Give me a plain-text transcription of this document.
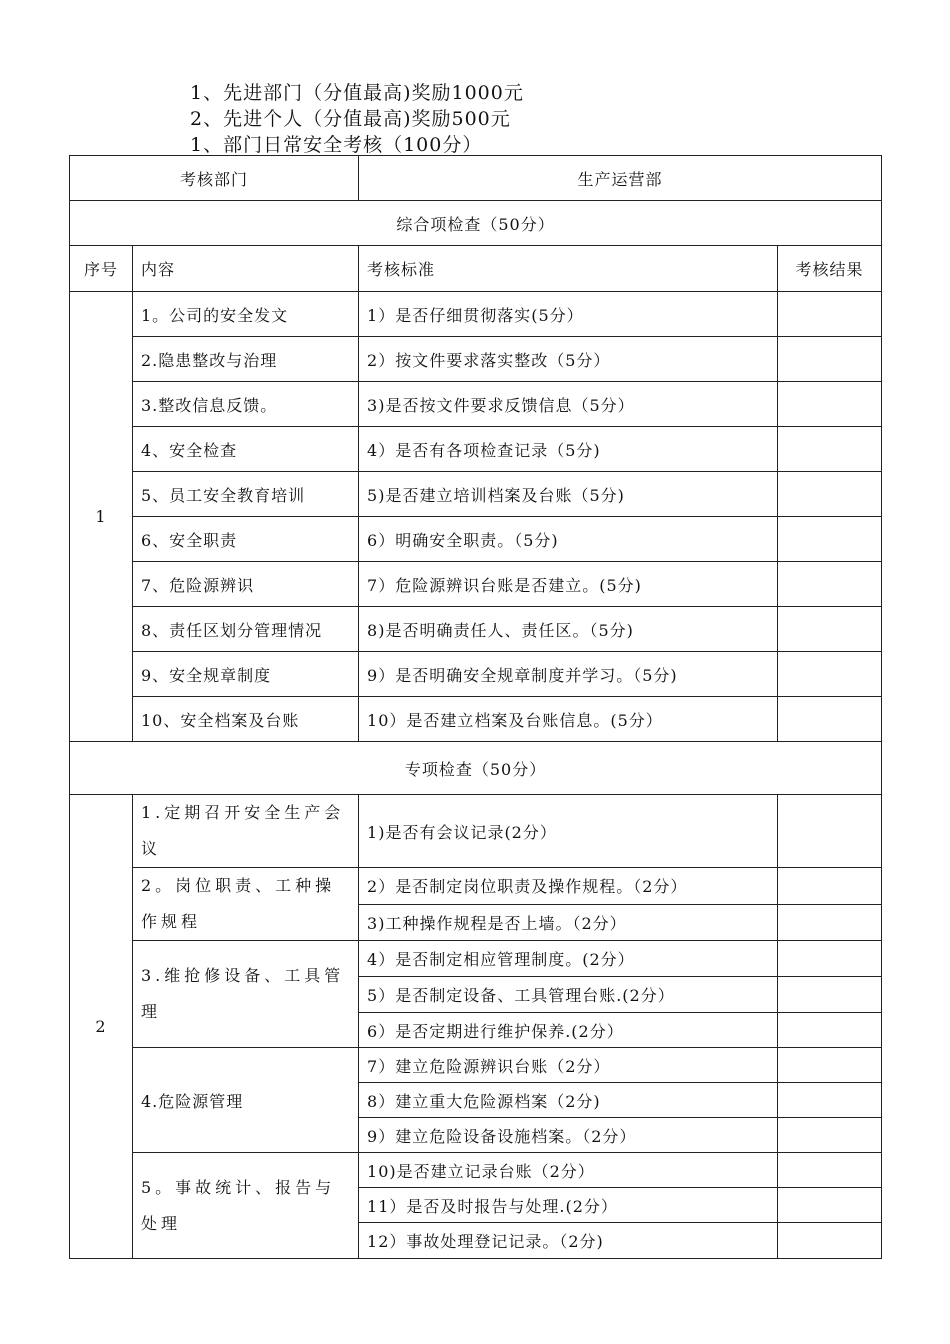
1、先进部门（分值最高)奖励1000元
2、先进个人（分值最高)奖励500元
1、部门日常安全考核（100分）
考核部门		生产运营部	
综合项检查（50分）			
序号	内容	考核标准	考核结果
1	1。公司的安全发文	1）是否仔细贯彻落实(5分）	
	2.隐患整改与治理	2）按文件要求落实整改（5分）	
	3.整改信息反馈。	3)是否按文件要求反馈信息（5分）	
	4、安全检查	4）是否有各项检查记录（5分)	
	5、员工安全教育培训	5)是否建立培训档案及台账（5分)	
	6、安全职责	6）明确安全职责。（5分)	
	7、危险源辨识	7）危险源辨识台账是否建立。(5分)	
	8、责任区划分管理情况	8)是否明确责任人、责任区。（5分)	
	9、安全规章制度	9）是否明确安全规章制度并学习。（5分)	
	10、安全档案及台账	10）是否建立档案及台账信息。(5分）	
专项检查（50分）			
2	1.定期召开安全生产会议	1)是否有会议记录(2分）	
	2。岗位职责、工种操作规程	2）是否制定岗位职责及操作规程。（2分）	
		3)工种操作规程是否上墙。（2分）	
	3.维抢修设备、工具管理	4）是否制定相应管理制度。(2分）	
		5）是否制定设备、工具管理台账.(2分）	
		6）是否定期进行维护保养.(2分）	
	4.危险源管理	7）建立危险源辨识台账（2分）	
		8）建立重大危险源档案（2分)	
		9）建立危险设备设施档案。（2分）	
	5。事故统计、报告与处理	10)是否建立记录台账（2分）	
		11）是否及时报告与处理.(2分）	
		12）事故处理登记记录。（2分)	
